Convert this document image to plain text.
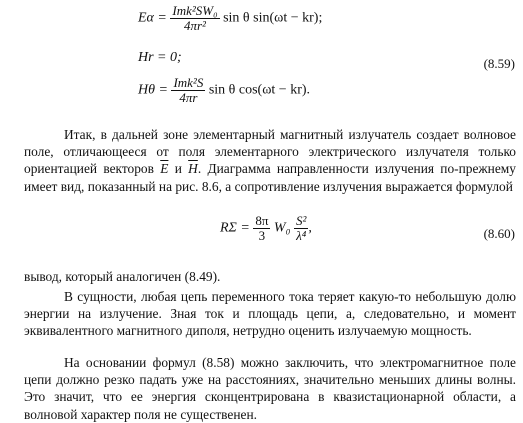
$E\alpha = \frac{\text{Imk²SW₀}}{\text{4πr²}}$ sin θ sin(ωt − kr);
Hr = 0;	(8.59)
$H\theta = \frac{\text{Imk²S}}{4\pi r}$ sin θ cos(ωt − kr).

Итак, в дальней зоне элементарный магнитный излучатель создает волновое поле, отличающееся от поля элементарного электрического излучателя только ориентацией векторов $\overline{E}$ и $\overline{H}$. Диаграмма направленности излучения по-прежнему имеет вид, показанный на рис. 8.6, а сопротивление излучения выражается формулой

$R\Sigma = \frac{8\pi}{3} W_0 \frac{\text{S²}}{\text{λ⁴}}$ ,	(8.60)

вывод, который аналогичен (8.49).

В сущности, любая цепь переменного тока теряет какую-то небольшую долю энергии на излучение. Зная ток и площадь цепи, а, следовательно, и момент эквивалентного магнитного диполя, нетрудно оценить излучаемую мощность.

На основании формул (8.58) можно заключить, что электромагнитное поле цепи должно резко падать уже на расстояниях, значительно меньших длины волны. Это значит, что ее энергия сконцентрирована в квазистационарной области, а волновой характер поля не существенен.
